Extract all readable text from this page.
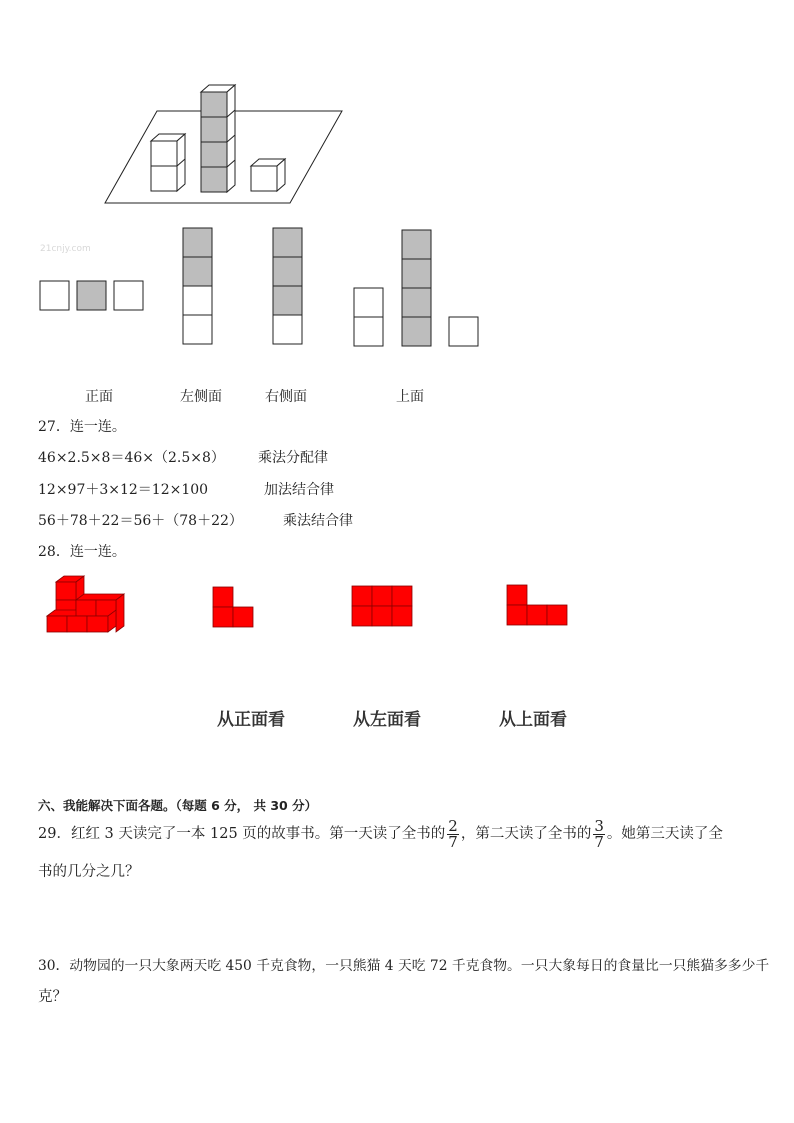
21cnjy.com
正面	左侧面	右侧面	上面
27．连一连。
46×2.5×8＝46×（2.5×8） 乘法分配律
12×97＋3×12＝12×100	加法结合律
56＋78＋22＝56＋（78＋22）	乘法结合律
28．连一连。
从正面看	从左面看	从上面看
六、我能解决下面各题。（每题 6 分， 共 30 分）
29．红红 3 天读完了一本 125 页的故事书。第一天读了全书的 $\frac{2}{7}$ ，第二天读了全书的 $\frac{3}{7}$ 。她第三天读了全
书的几分之几？
30．动物园的一只大象两天吃 450 千克食物，一只熊猫 4 天吃 72 千克食物。一只大象每日的食量比一只熊猫多多少千
克？
